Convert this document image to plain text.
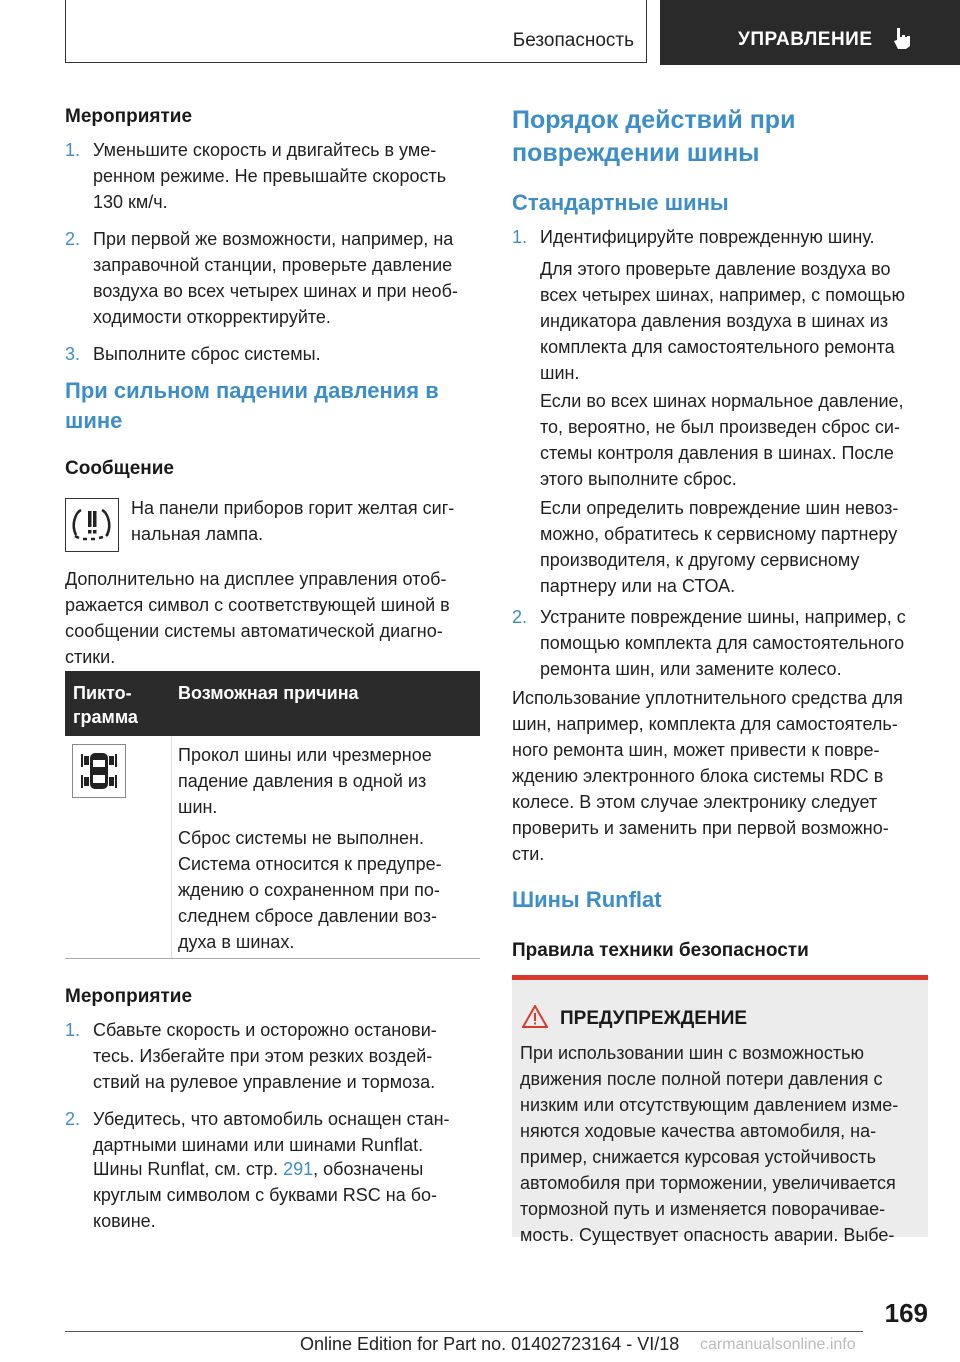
Безопасность	УПРАВЛЕНИЕ
Мероприятие
1. Уменьшите скорость и двигайтесь в уме-
ренном режиме. Не превышайте скорость
130 км/ч.
2. При первой же возможности, например, на
заправочной станции, проверьте давление
воздуха во всех четырех шинах и при необ-
ходимости откорректируйте.
3. Выполните сброс системы.
При сильном падении давления в
шине
Сообщение
На панели приборов горит желтая сиг-
нальная лампа.
Дополнительно на дисплее управления отоб-
ражается символ с соответствующей шиной в
сообщении системы автоматической диагно-
стики.
Пикто-
грамма
Возможная причина
Прокол шины или чрезмерное
падение давления в одной из
шин.
Сброс системы не выполнен.
Система относится к предупре-
ждению о сохраненном при по-
следнем сбросе давлении воз-
духа в шинах.
Мероприятие
1. Сбавьте скорость и осторожно останови-
тесь. Избегайте при этом резких воздей-
ствий на рулевое управление и тормоза.
2. Убедитесь, что автомобиль оснащен стан-
дартными шинами или шинами Runflat.
Шины Runflat, см. стр. 291, обозначены
круглым символом с буквами RSC на бо-
ковине.
Порядок действий при
повреждении шины
Стандартные шины
1. Идентифицируйте поврежденную шину.
Для этого проверьте давление воздуха во
всех четырех шинах, например, с помощью
индикатора давления воздуха в шинах из
комплекта для самостоятельного ремонта
шин.
Если во всех шинах нормальное давление,
то, вероятно, не был произведен сброс си-
стемы контроля давления в шинах. После
этого выполните сброс.
Если определить повреждение шин невоз-
можно, обратитесь к сервисному партнеру
производителя, к другому сервисному
партнеру или на СТОА.
2. Устраните повреждение шины, например, с
помощью комплекта для самостоятельного
ремонта шин, или замените колесо.
Использование уплотнительного средства для
шин, например, комплекта для самостоятель-
ного ремонта шин, может привести к повре-
ждению электронного блока системы RDC в
колесе. В этом случае электронику следует
проверить и заменить при первой возможно-
сти.
Шины Runflat
Правила техники безопасности
ПРЕДУПРЕЖДЕНИЕ
При использовании шин с возможностью
движения после полной потери давления с
низким или отсутствующим давлением изме-
няются ходовые качества автомобиля, на-
пример, снижается курсовая устойчивость
автомобиля при торможении, увеличивается
тормозной путь и изменяется поворачивае-
мость. Существует опасность аварии. Выбе-
169
Online Edition for Part no. 01402723164 - VI/18 carmanualsonline.info
